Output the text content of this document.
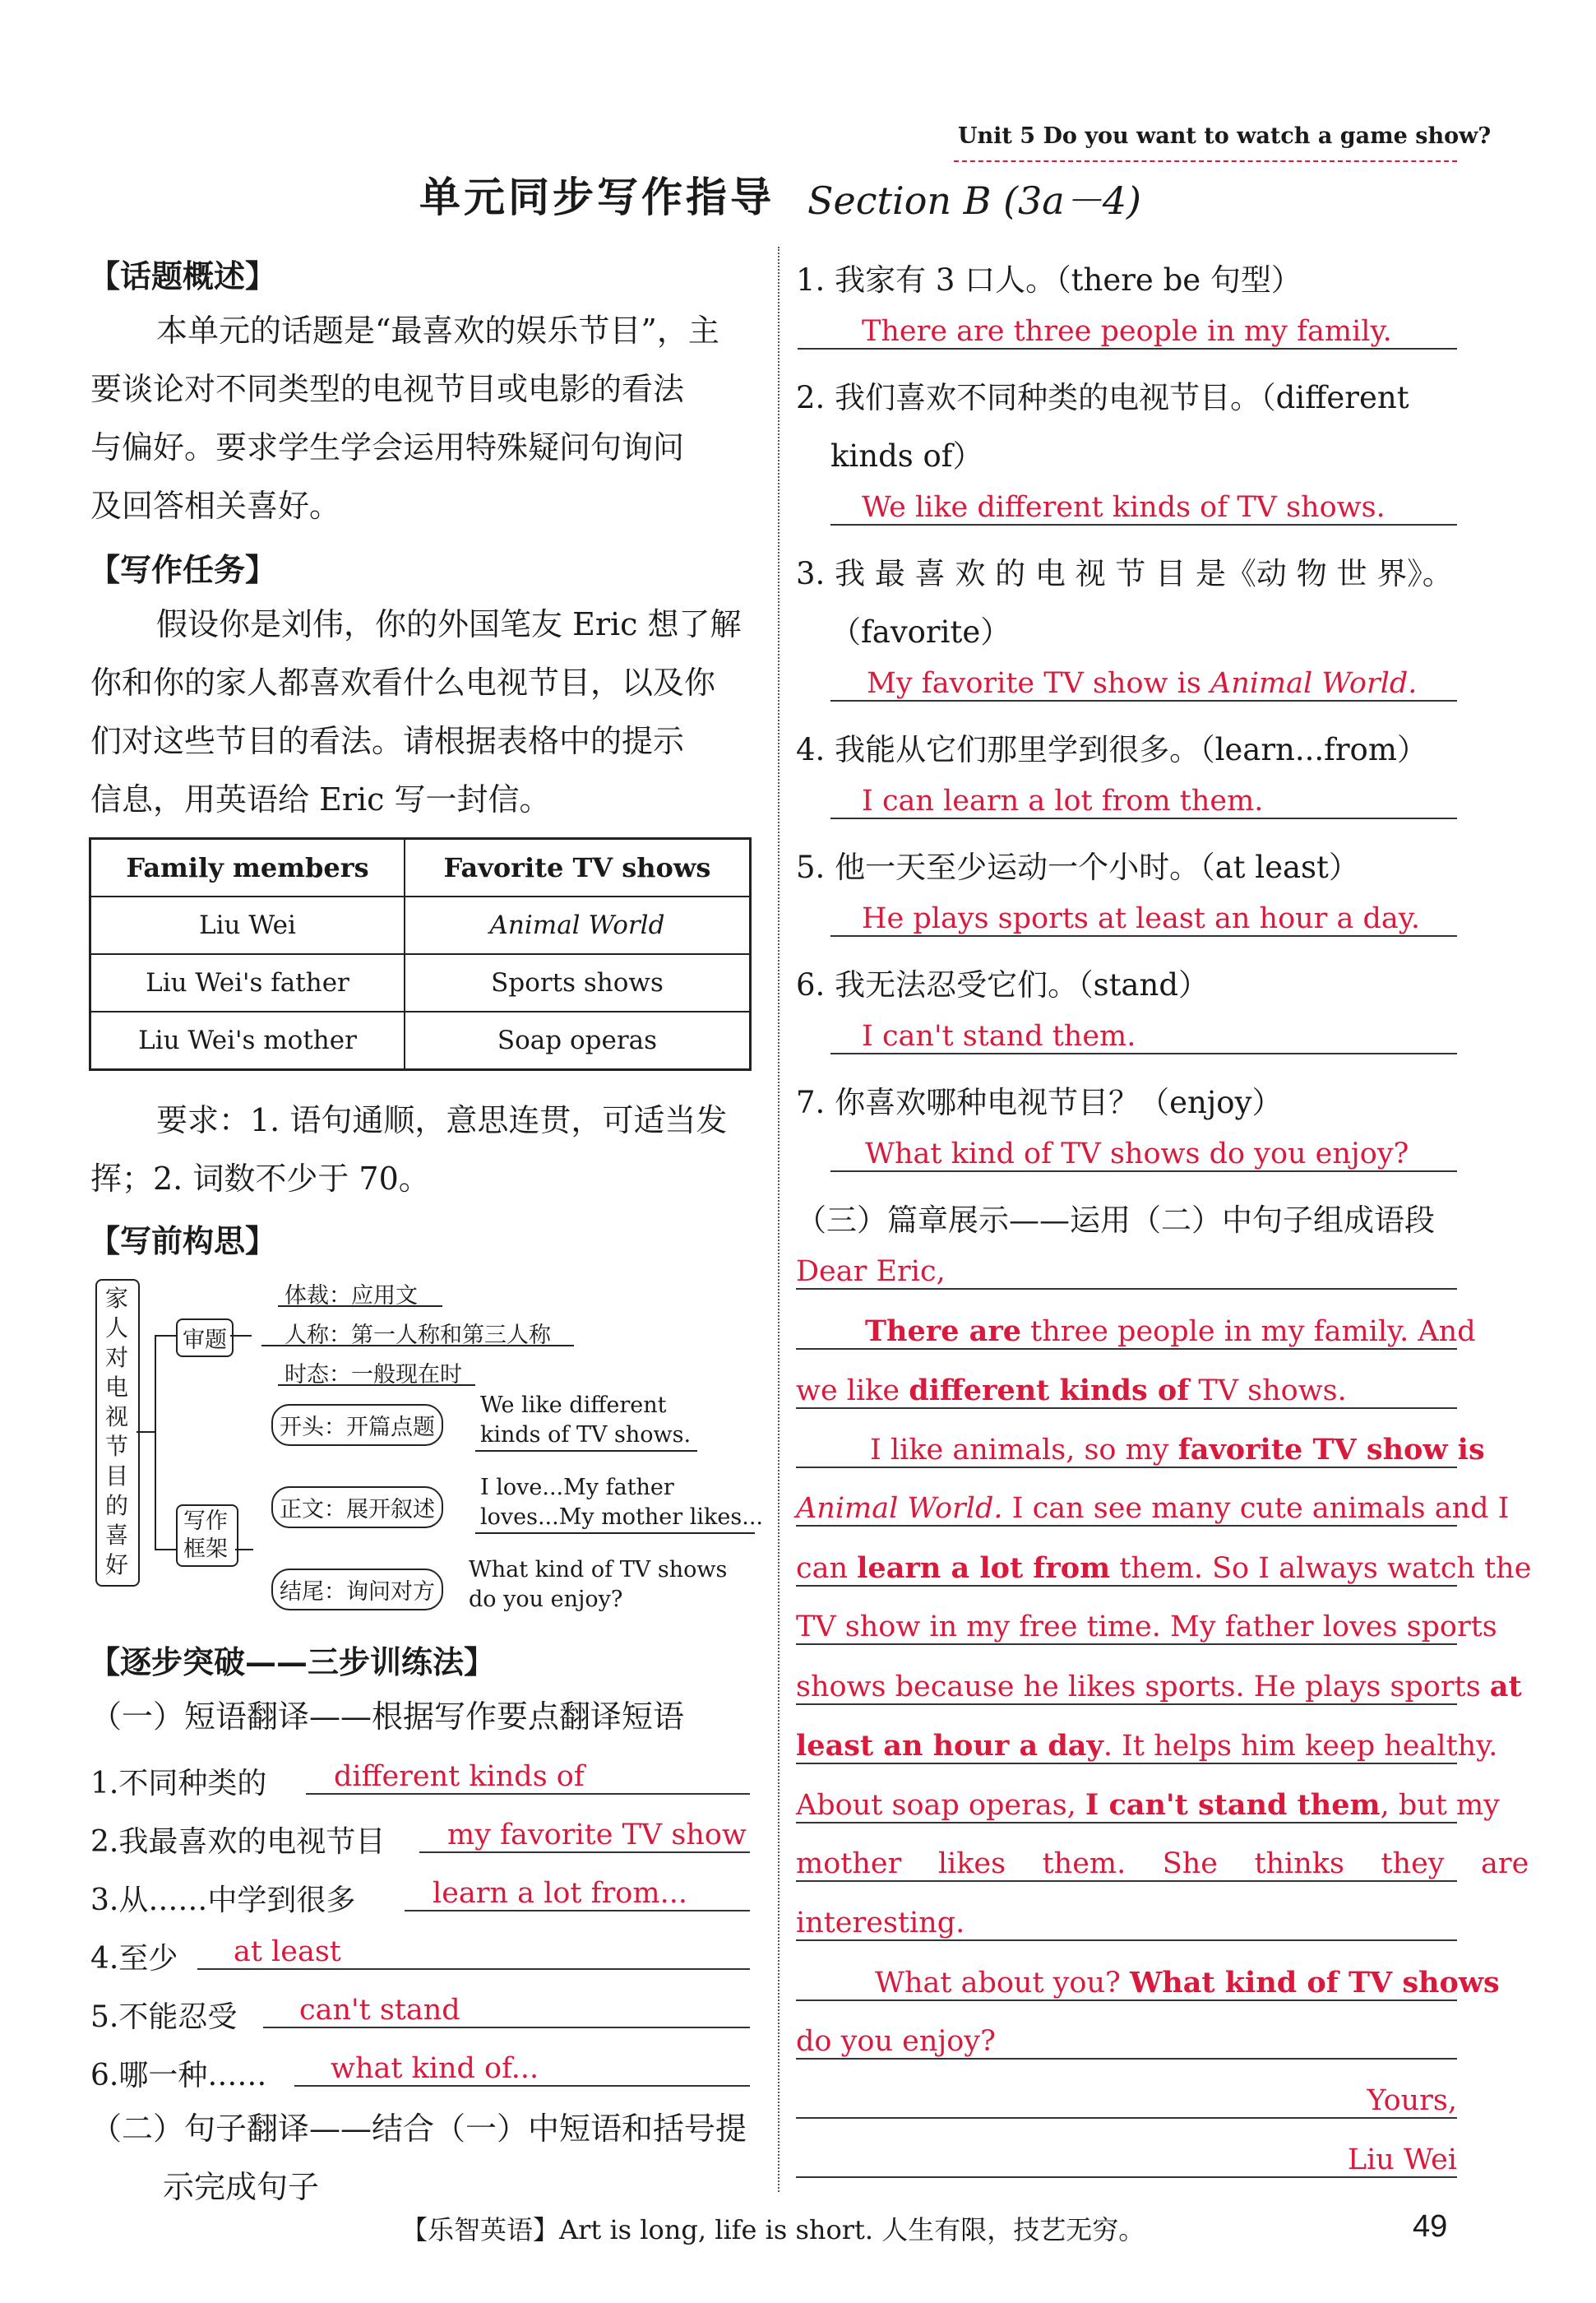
Unit 5 Do you want to watch a game show?
单元同步写作指导 Section B (3a－4)
【话题概述】
本单元的话题是“最喜欢的娱乐节目”，主
要谈论对不同类型的电视节目或电影的看法
与偏好。要求学生学会运用特殊疑问句询问
及回答相关喜好。
【写作任务】
假设你是刘伟，你的外国笔友 Eric 想了解
你和你的家人都喜欢看什么电视节目，以及你
们对这些节目的看法。请根据表格中的提示
信息，用英语给 Eric 写一封信。
Family members	Favorite TV shows
Liu Wei	Animal World
Liu Wei's father	Sports shows
Liu Wei's mother	Soap operas
要求：1. 语句通顺，意思连贯，可适当发
挥；2. 词数不少于 70。
【写前构思】
家
人
对
电
视
节
目
的
喜
好
审题
体裁：应用文
人称：第一人称和第三人称
时态：一般现在时
写作框架
开头：开篇点题
正文：展开叙述
结尾：询问对方
We like different
kinds of TV shows.
I love...My father
loves...My mother likes...
What kind of TV shows
do you enjoy?
【逐步突破——三步训练法】
（一）短语翻译——根据写作要点翻译短语
1.不同种类的	different kinds of
2.我最喜欢的电视节目	my favorite TV show
3.从……中学到很多	learn a lot from...
4.至少	at least
5.不能忍受	can't stand
6.哪一种……	what kind of...
（二）句子翻译——结合（一）中短语和括号提
示完成句子
1. 我家有 3 口人。（there be 句型）
There are three people in my family.
2. 我们喜欢不同种类的电视节目。（different
kinds of）
We like different kinds of TV shows.
3. 我 最 喜 欢 的 电 视 节 目 是《动 物 世 界》。
（favorite）
My favorite TV show is Animal World.
4. 我能从它们那里学到很多。（learn...from）
I can learn a lot from them.
5. 他一天至少运动一个小时。（at least）
He plays sports at least an hour a day.
6. 我无法忍受它们。（stand）
I can't stand them.
7. 你喜欢哪种电视节目？（enjoy）
What kind of TV shows do you enjoy?
（三）篇章展示——运用（二）中句子组成语段
Dear Eric,
There are three people in my family. And
we like different kinds of TV shows.
I like animals, so my favorite TV show is
Animal World. I can see many cute animals and I
can learn a lot from them. So I always watch the
TV show in my free time. My father loves sports
shows because he likes sports. He plays sports at
least an hour a day. It helps him keep healthy.
About soap operas, I can't stand them, but my
mother    likes    them.    She    thinks    they    are
interesting.
What about you? What kind of TV shows
do you enjoy?
Yours,
Liu Wei
【乐智英语】Art is long, life is short. 人生有限，技艺无穷。	49
